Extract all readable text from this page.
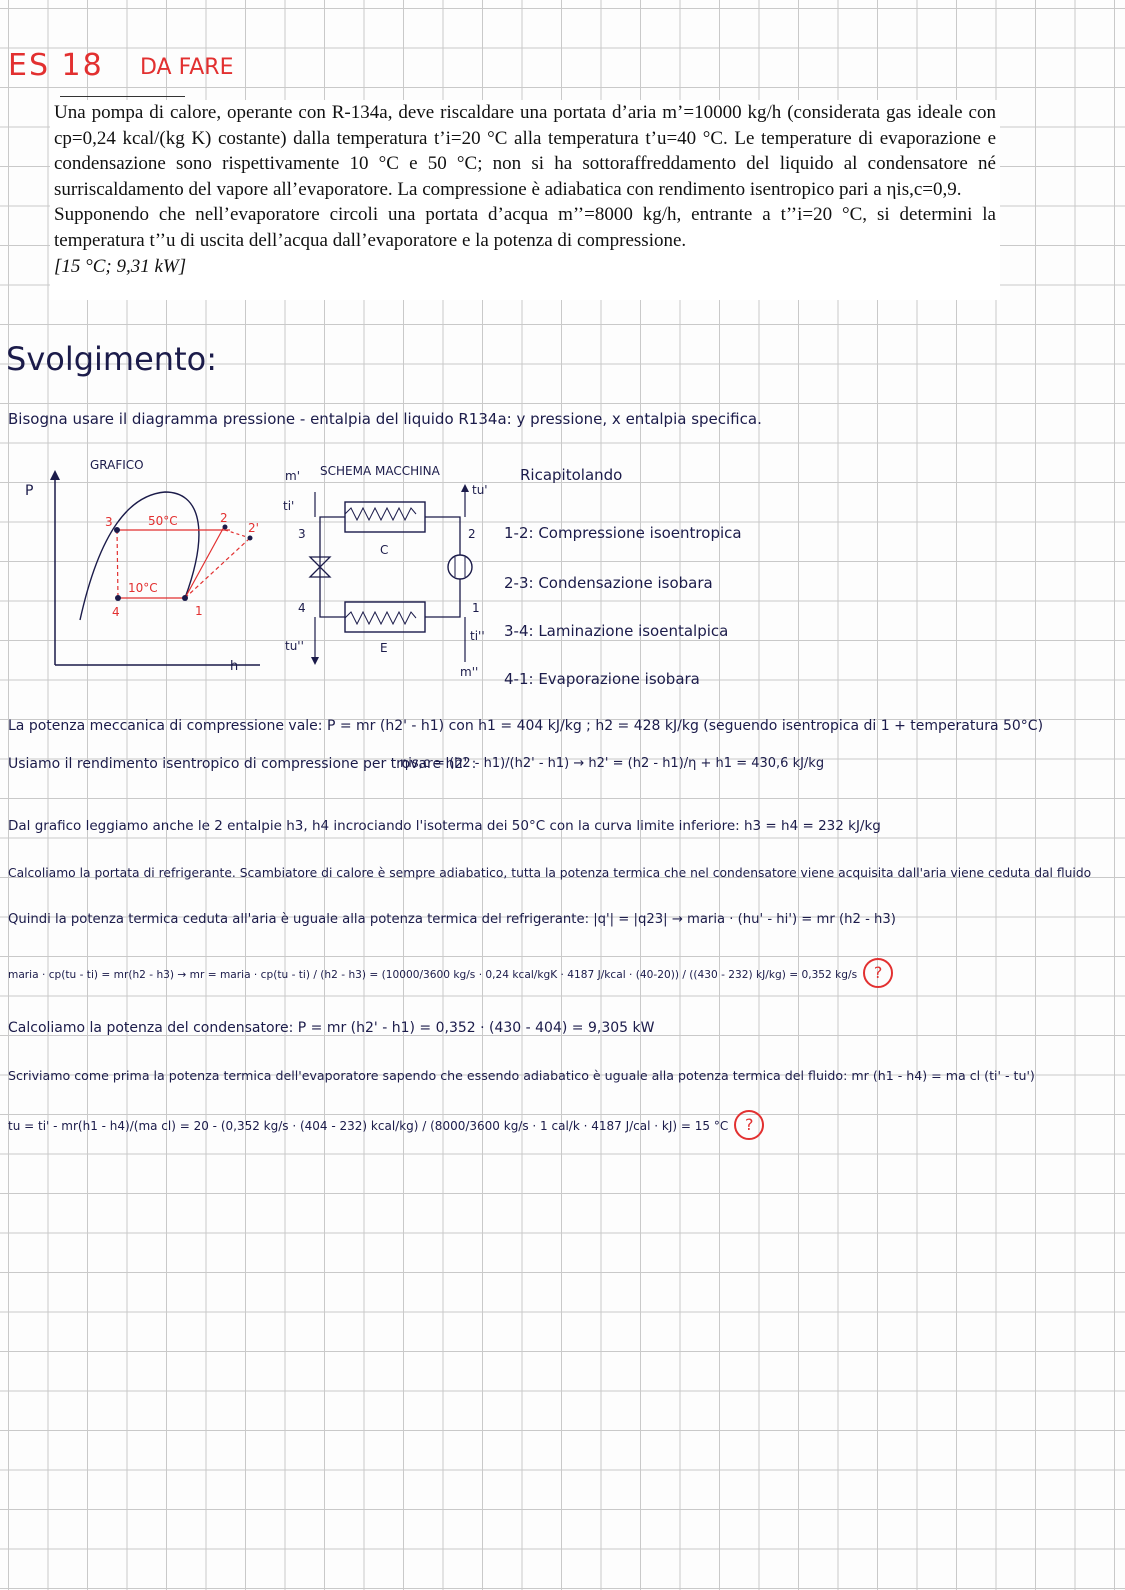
ES 18 DA FARE

Una pompa di calore, operante con R-134a, deve riscaldare una portata d’aria m’=10000 kg/h (considerata gas ideale con cp=0,24 kcal/(kg K) costante) dalla temperatura t’i=20 °C alla temperatura t’u=40 °C. Le temperature di evaporazione e condensazione sono rispettivamente 10 °C e 50 °C; non si ha sottoraffreddamento del liquido al condensatore né surriscaldamento del vapore all’evaporatore. La compressione è adiabatica con rendimento isentropico pari a ηis,c=0,9.

Supponendo che nell’evaporatore circoli una portata d’acqua m’’=8000 kg/h, entrante a t’’i=20 °C, si determini la temperatura t’’u di uscita dell’acqua dall’evaporatore e la potenza di compressione.

[15 °C; 9,31 kW]

Svolgimento:
Bisogna usare il diagramma pressione - entalpia del liquido R134a: y pressione, x entalpia specifica.
GRAFICO
P
h
3
4	1
2
2'
50°C
10°C
SCHEMA MACCHINA
m'
ti'
tu'
tu''
ti''
m''
C
E
1
2
3
4
Ricapitolando
1-2: Compressione isoentropica
2-3: Condensazione isobara
3-4: Laminazione isoentalpica
4-1: Evaporazione isobara
La potenza meccanica di compressione vale: P = mr (h2' - h1) con h1 = 404 kJ/kg ; h2 = 428 kJ/kg (seguendo isentropica di 1 + temperatura 50°C)
Usiamo il rendimento isentropico di compressione per trovare h2' :
ηis,c = (h2 - h1)/(h2' - h1) → h2' = (h2 - h1)/η + h1 = 430,6 kJ/kg
Dal grafico leggiamo anche le 2 entalpie h3, h4 incrociando l'isoterma dei 50°C con la curva limite inferiore: h3 = h4 = 232 kJ/kg
Calcoliamo la portata di refrigerante. Scambiatore di calore è sempre adiabatico, tutta la potenza termica che nel condensatore viene acquisita dall'aria viene ceduta dal fluido
Quindi la potenza termica ceduta all'aria è uguale alla potenza termica del refrigerante: |q'| = |q23| → maria · (hu' - hi') = mr (h2 - h3)
maria · cp(tu - ti) = mr(h2 - h3) → mr = maria · cp(tu - ti) / (h2 - h3) = (10000/3600 kg/s · 0,24 kcal/kgK · 4187 J/kcal · (40-20)) / ((430 - 232) kJ/kg) = 0,352 kg/s ?
Calcoliamo la potenza del condensatore: P = mr (h2' - h1) = 0,352 · (430 - 404) = 9,305 kW
Scriviamo come prima la potenza termica dell'evaporatore sapendo che essendo adiabatico è uguale alla potenza termica del fluido: mr (h1 - h4) = ma cl (ti' - tu')
tu = ti' - mr(h1 - h4)/(ma cl) = 20 - (0,352 kg/s · (404 - 232) kcal/kg) / (8000/3600 kg/s · 1 cal/k · 4187 J/cal · kJ) = 15 °C ?
